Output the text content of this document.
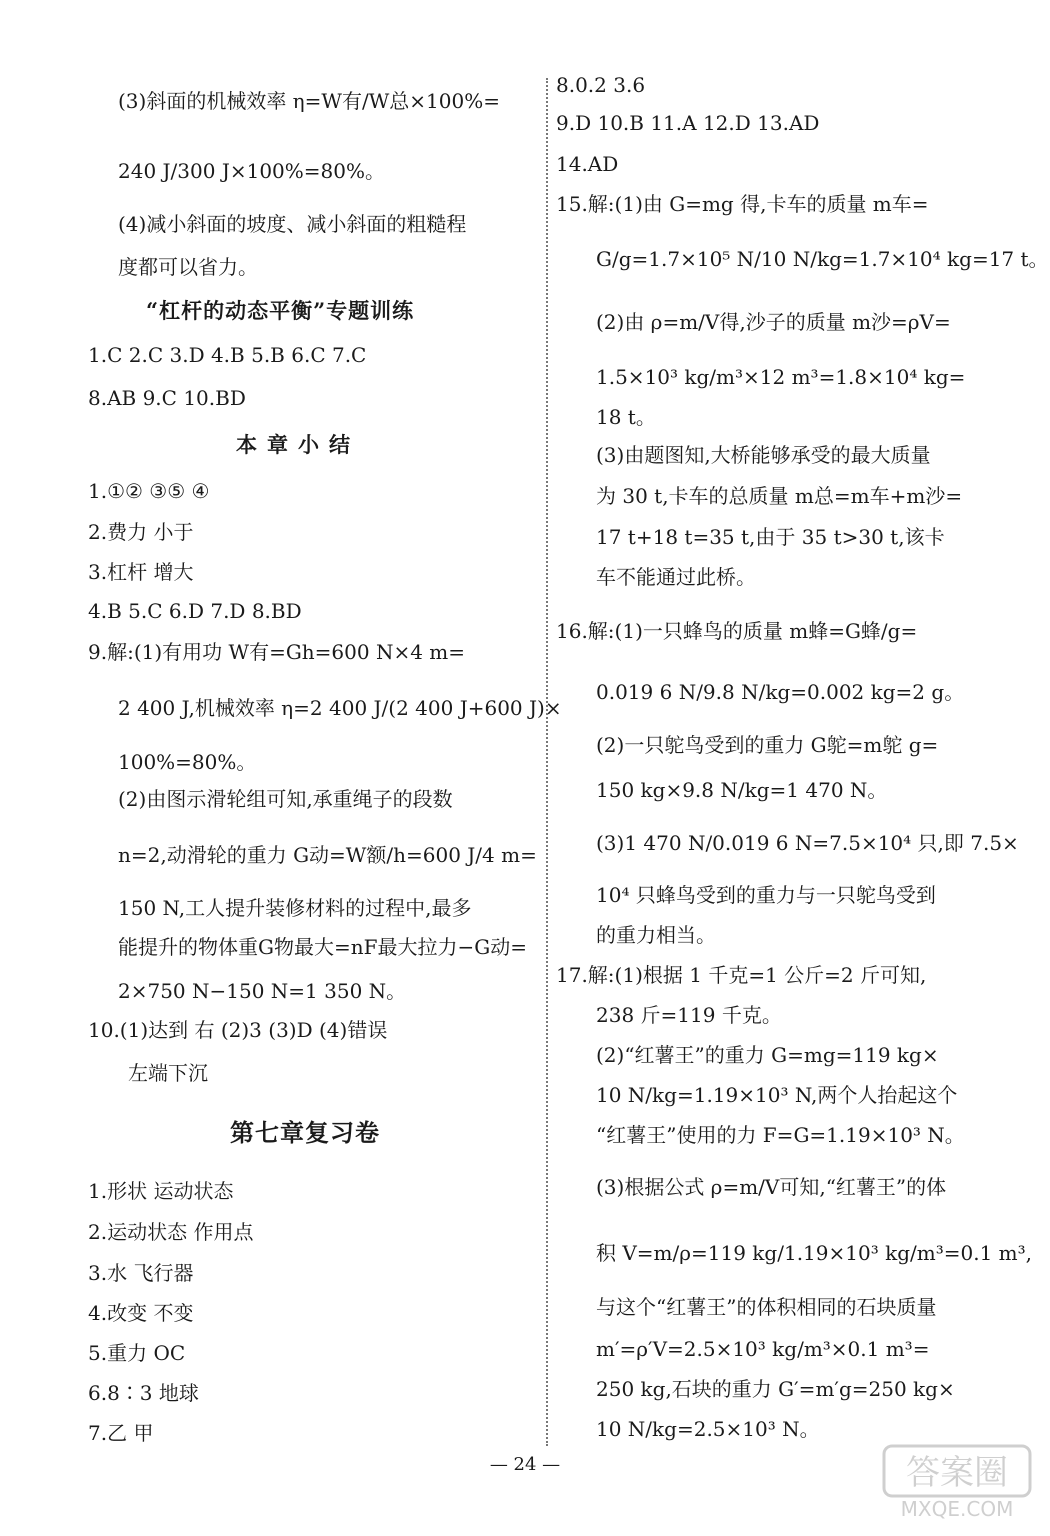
(3)斜面的机械效率 η=W有/W总×100%=
240 J/300 J×100%=80%。
(4)减小斜面的坡度、减小斜面的粗糙程
度都可以省力。
“杠杆的动态平衡”专题训练
1.C 2.C 3.D 4.B 5.B 6.C 7.C
8.AB 9.C 10.BD
本章小结
1.①② ③⑤ ④
2.费力 小于
3.杠杆 增大
4.B 5.C 6.D 7.D 8.BD
9.解:(1)有用功 W有=Gh=600 N×4 m=
2 400 J,机械效率 η=2 400 J/(2 400 J+600 J)×
100%=80%。
(2)由图示滑轮组可知,承重绳子的段数
n=2,动滑轮的重力 G动=W额/h=600 J/4 m=
150 N,工人提升装修材料的过程中,最多
能提升的物体重G物最大=nF最大拉力−G动=
2×750 N−150 N=1 350 N。
10.(1)达到 右 (2)3 (3)D (4)错误
左端下沉
第七章复习卷
1.形状 运动状态
2.运动状态 作用点
3.水 飞行器
4.改变 不变
5.重力 OC
6.8∶3 地球
7.乙 甲
8.0.2 3.6
9.D 10.B 11.A 12.D 13.AD
14.AD
15.解:(1)由 G=mg 得,卡车的质量 m车=
G/g=1.7×10⁵ N/10 N/kg=1.7×10⁴ kg=17 t。
(2)由 ρ=m/V得,沙子的质量 m沙=ρV=
1.5×10³ kg/m³×12 m³=1.8×10⁴ kg=
18 t。
(3)由题图知,大桥能够承受的最大质量
为 30 t,卡车的总质量 m总=m车+m沙=
17 t+18 t=35 t,由于 35 t>30 t,该卡
车不能通过此桥。
16.解:(1)一只蜂鸟的质量 m蜂=G蜂/g=
0.019 6 N/9.8 N/kg=0.002 kg=2 g。
(2)一只鸵鸟受到的重力 G鸵=m鸵 g=
150 kg×9.8 N/kg=1 470 N。
(3)1 470 N/0.019 6 N=7.5×10⁴ 只,即 7.5×
10⁴ 只蜂鸟受到的重力与一只鸵鸟受到
的重力相当。
17.解:(1)根据 1 千克=1 公斤=2 斤可知,
238 斤=119 千克。
(2)“红薯王”的重力 G=mg=119 kg×
10 N/kg=1.19×10³ N,两个人抬起这个
“红薯王”使用的力 F=G=1.19×10³ N。
(3)根据公式 ρ=m/V可知,“红薯王”的体
积 V=m/ρ=119 kg/1.19×10³ kg/m³=0.1 m³,
与这个“红薯王”的体积相同的石块质量
m′=ρ′V=2.5×10³ kg/m³×0.1 m³=
250 kg,石块的重力 G′=m′g=250 kg×
10 N/kg=2.5×10³ N。
— 24 —	答案圈
MXQE.COM
